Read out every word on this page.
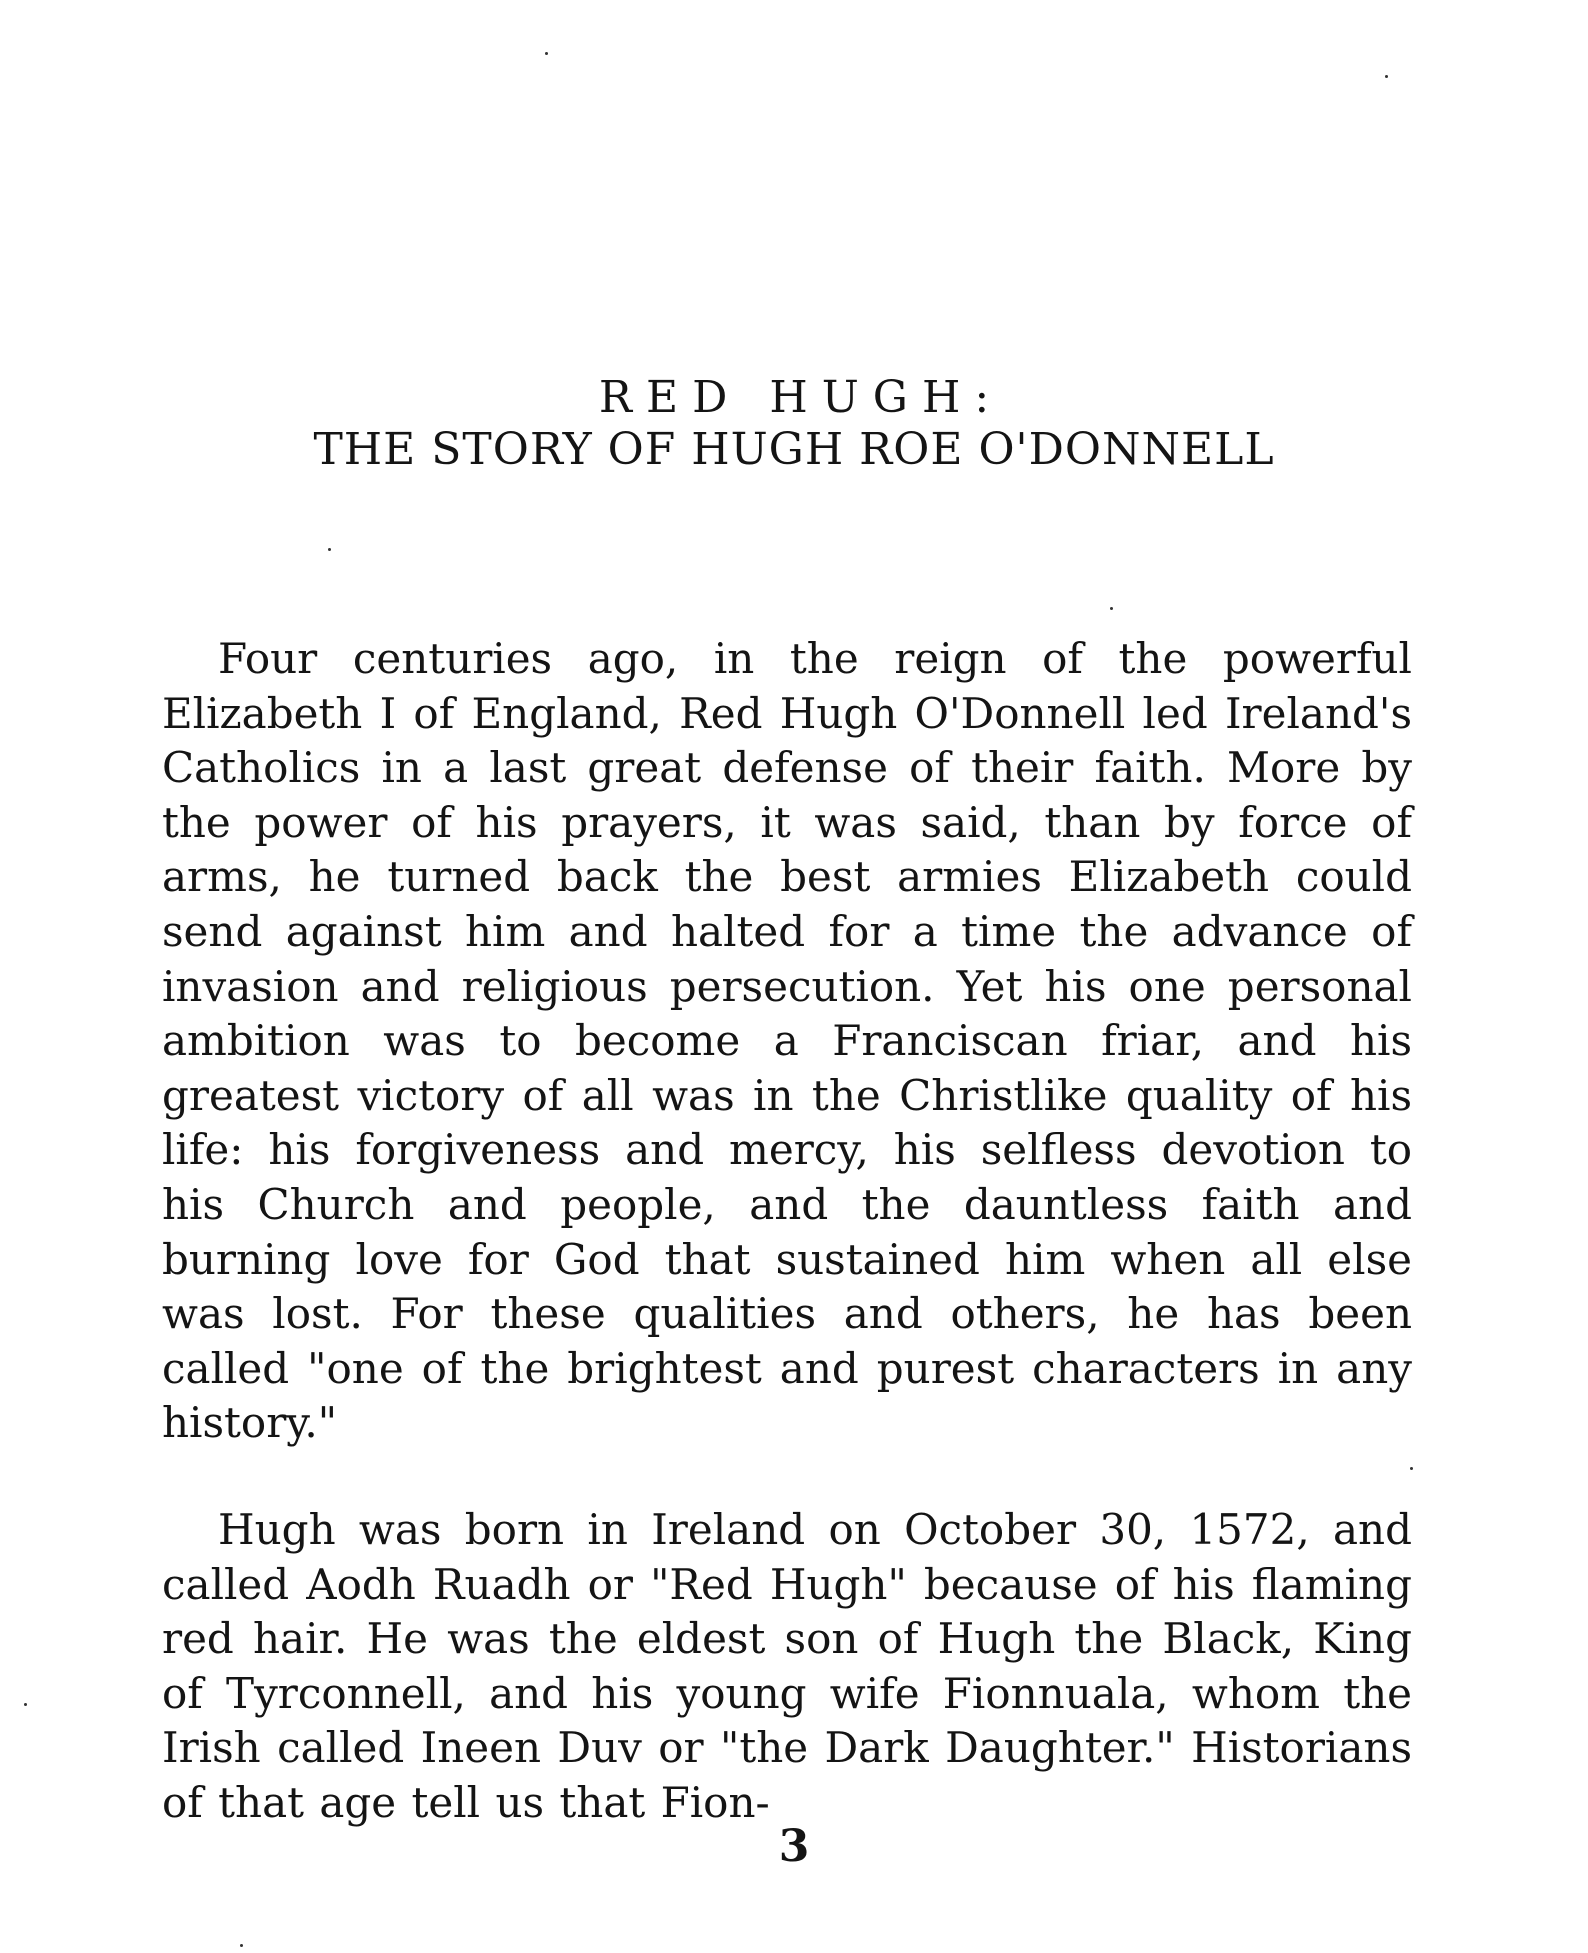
RED HUGH:
THE STORY OF HUGH ROE O'DONNELL

Four centuries ago, in the reign of the powerful Elizabeth I of England, Red Hugh O'Donnell led Ireland's Catholics in a last great defense of their faith. More by the power of his prayers, it was said, than by force of arms, he turned back the best armies Elizabeth could send against him and halted for a time the advance of invasion and religious persecution. Yet his one personal ambition was to become a Franciscan friar, and his greatest victory of all was in the Christlike quality of his life: his forgiveness and mercy, his selfless devotion to his Church and people, and the dauntless faith and burning love for God that sustained him when all else was lost. For these qualities and others, he has been called "one of the brightest and purest characters in any history."

Hugh was born in Ireland on October 30, 1572, and called Aodh Ruadh or "Red Hugh" because of his flaming red hair. He was the eldest son of Hugh the Black, King of Tyrconnell, and his young wife Fionnuala, whom the Irish called Ineen Duv or "the Dark Daughter." Historians of that age tell us that Fion-

3
